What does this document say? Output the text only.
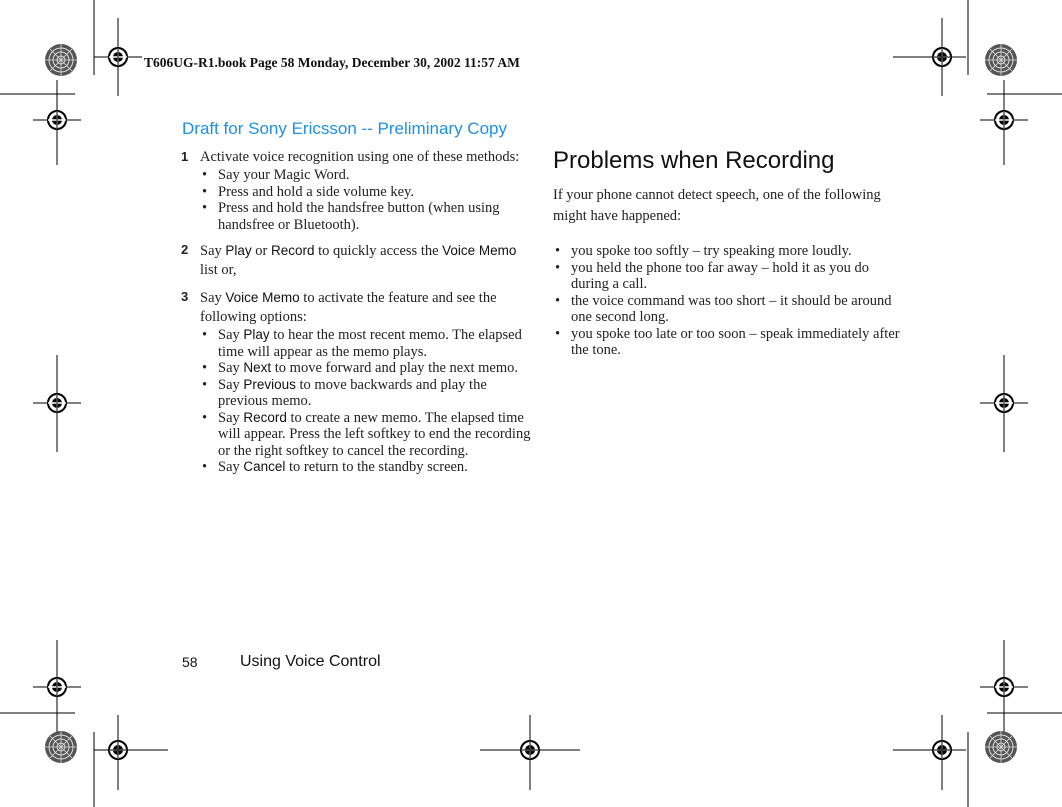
T606UG-R1.book Page 58 Monday, December 30, 2002 11:57 AM
Draft for Sony Ericsson -- Preliminary Copy
1 Activate voice recognition using one of these methods:
• Say your Magic Word.
• Press and hold a side volume key.
• Press and hold the handsfree button (when using handsfree or Bluetooth).
2 Say Play or Record to quickly access the Voice Memo list or,
3 Say Voice Memo to activate the feature and see the following options:
• Say Play to hear the most recent memo. The elapsed time will appear as the memo plays.
• Say Next to move forward and play the next memo.
• Say Previous to move backwards and play the previous memo.
• Say Record to create a new memo. The elapsed time will appear. Press the left softkey to end the recording or the right softkey to cancel the recording.
• Say Cancel to return to the standby screen.
Problems when Recording

If your phone cannot detect speech, one of the following might have happened:

• you spoke too softly – try speaking more loudly.
• you held the phone too far away – hold it as you do during a call.
• the voice command was too short – it should be around one second long.
• you spoke too late or too soon – speak immediately after the tone.
58	Using Voice Control
